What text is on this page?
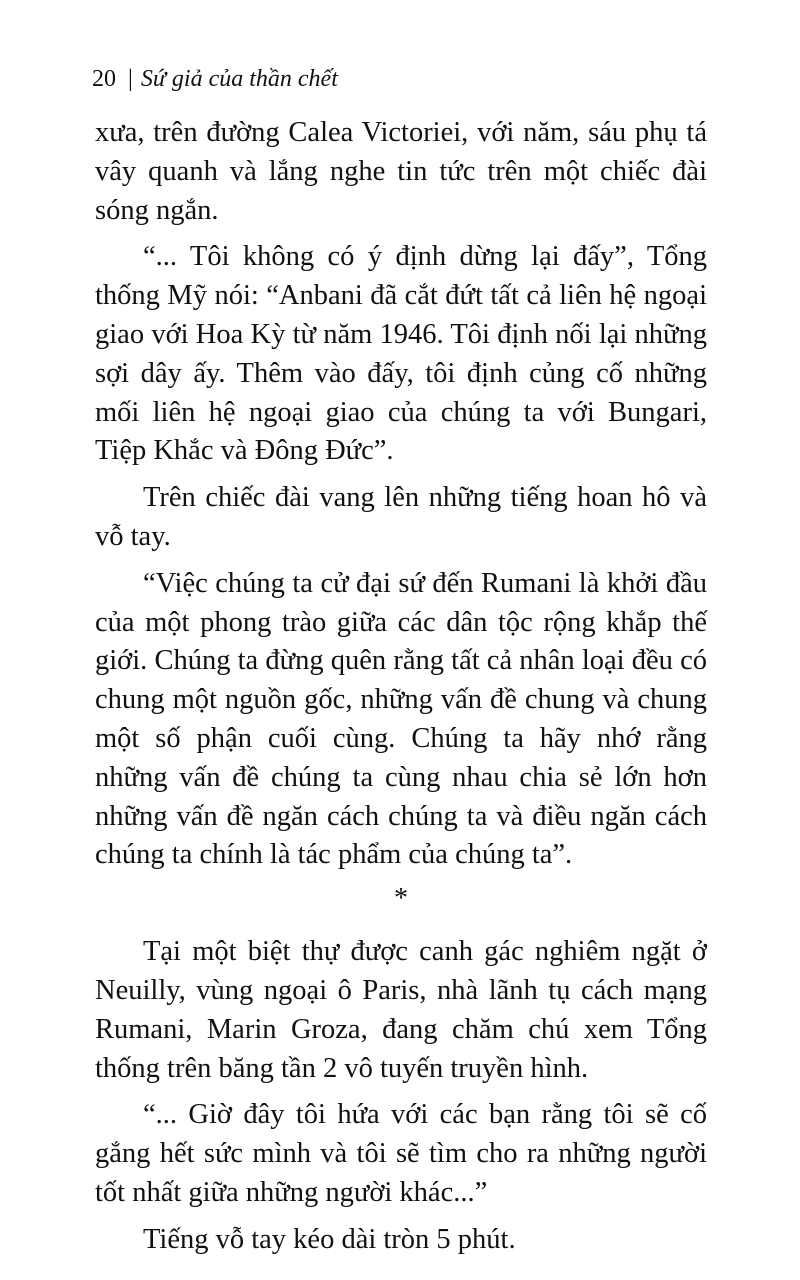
20 | Sứ giả của thần chết

xưa, trên đường Calea Victoriei, với năm, sáu phụ tá vây quanh và lắng nghe tin tức trên một chiếc đài sóng ngắn.

“... Tôi không có ý định dừng lại đấy”, Tổng thống Mỹ nói: “Anbani đã cắt đứt tất cả liên hệ ngoại giao với Hoa Kỳ từ năm 1946. Tôi định nối lại những sợi dây ấy. Thêm vào đấy, tôi định củng cố những mối liên hệ ngoại giao của chúng ta với Bungari, Tiệp Khắc và Đông Đức”.

Trên chiếc đài vang lên những tiếng hoan hô và vỗ tay.

“Việc chúng ta cử đại sứ đến Rumani là khởi đầu của một phong trào giữa các dân tộc rộng khắp thế giới. Chúng ta đừng quên rằng tất cả nhân loại đều có chung một nguồn gốc, những vấn đề chung và chung một số phận cuối cùng. Chúng ta hãy nhớ rằng những vấn đề chúng ta cùng nhau chia sẻ lớn hơn những vấn đề ngăn cách chúng ta và điều ngăn cách chúng ta chính là tác phẩm của chúng ta”.

*

Tại một biệt thự được canh gác nghiêm ngặt ở Neuilly, vùng ngoại ô Paris, nhà lãnh tụ cách mạng Rumani, Marin Groza, đang chăm chú xem Tổng thống trên băng tần 2 vô tuyến truyền hình.

“... Giờ đây tôi hứa với các bạn rằng tôi sẽ cố gắng hết sức mình và tôi sẽ tìm cho ra những người tốt nhất giữa những người khác...”

Tiếng vỗ tay kéo dài tròn 5 phút.
